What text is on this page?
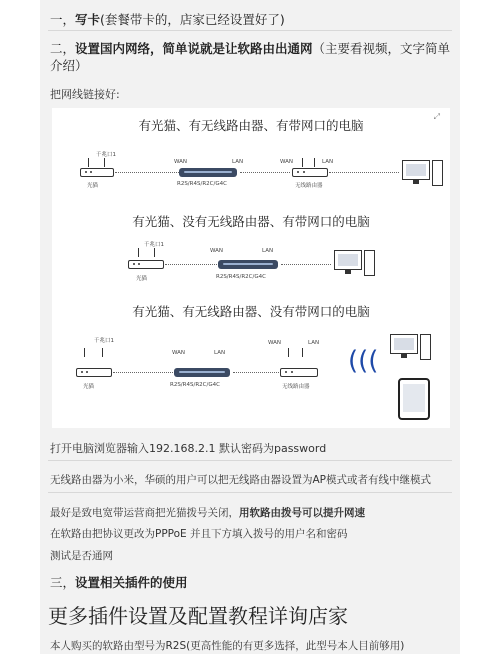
一，写卡(套餐带卡的，店家已经设置好了)
二，设置国内网络，简单说就是让软路由出通网（主要看视频，文字简单介绍）
把网线链接好:
⤢
有光猫、有无线路由器、有带网口的电脑
千兆口1
光猫
WAN	LAN
R2S/R4S/R2C/G4C
WAN	LAN
无线路由器
有光猫、没有无线路由器、有带网口的电脑
千兆口1
光猫
WAN	LAN
R2S/R4S/R2C/G4C
有光猫、有无线路由器、没有带网口的电脑
千兆口1
光猫
WAN	LAN
R2S/R4S/R2C/G4C
WAN	LAN
无线路由器
(((
打开电脑浏览器输入192.168.2.1 默认密码为password
无线路由器为小米，华硕的用户可以把无线路由器设置为AP模式或者有线中继模式
最好是致电宽带运营商把光猫拨号关闭，用软路由拨号可以提升网速
在软路由把协议更改为PPPoE 并且下方填入拨号的用户名和密码
测试是否通网
三，设置相关插件的使用
更多插件设置及配置教程详询店家
本人购买的软路由型号为R2S(更高性能的有更多选择，此型号本人目前够用)
